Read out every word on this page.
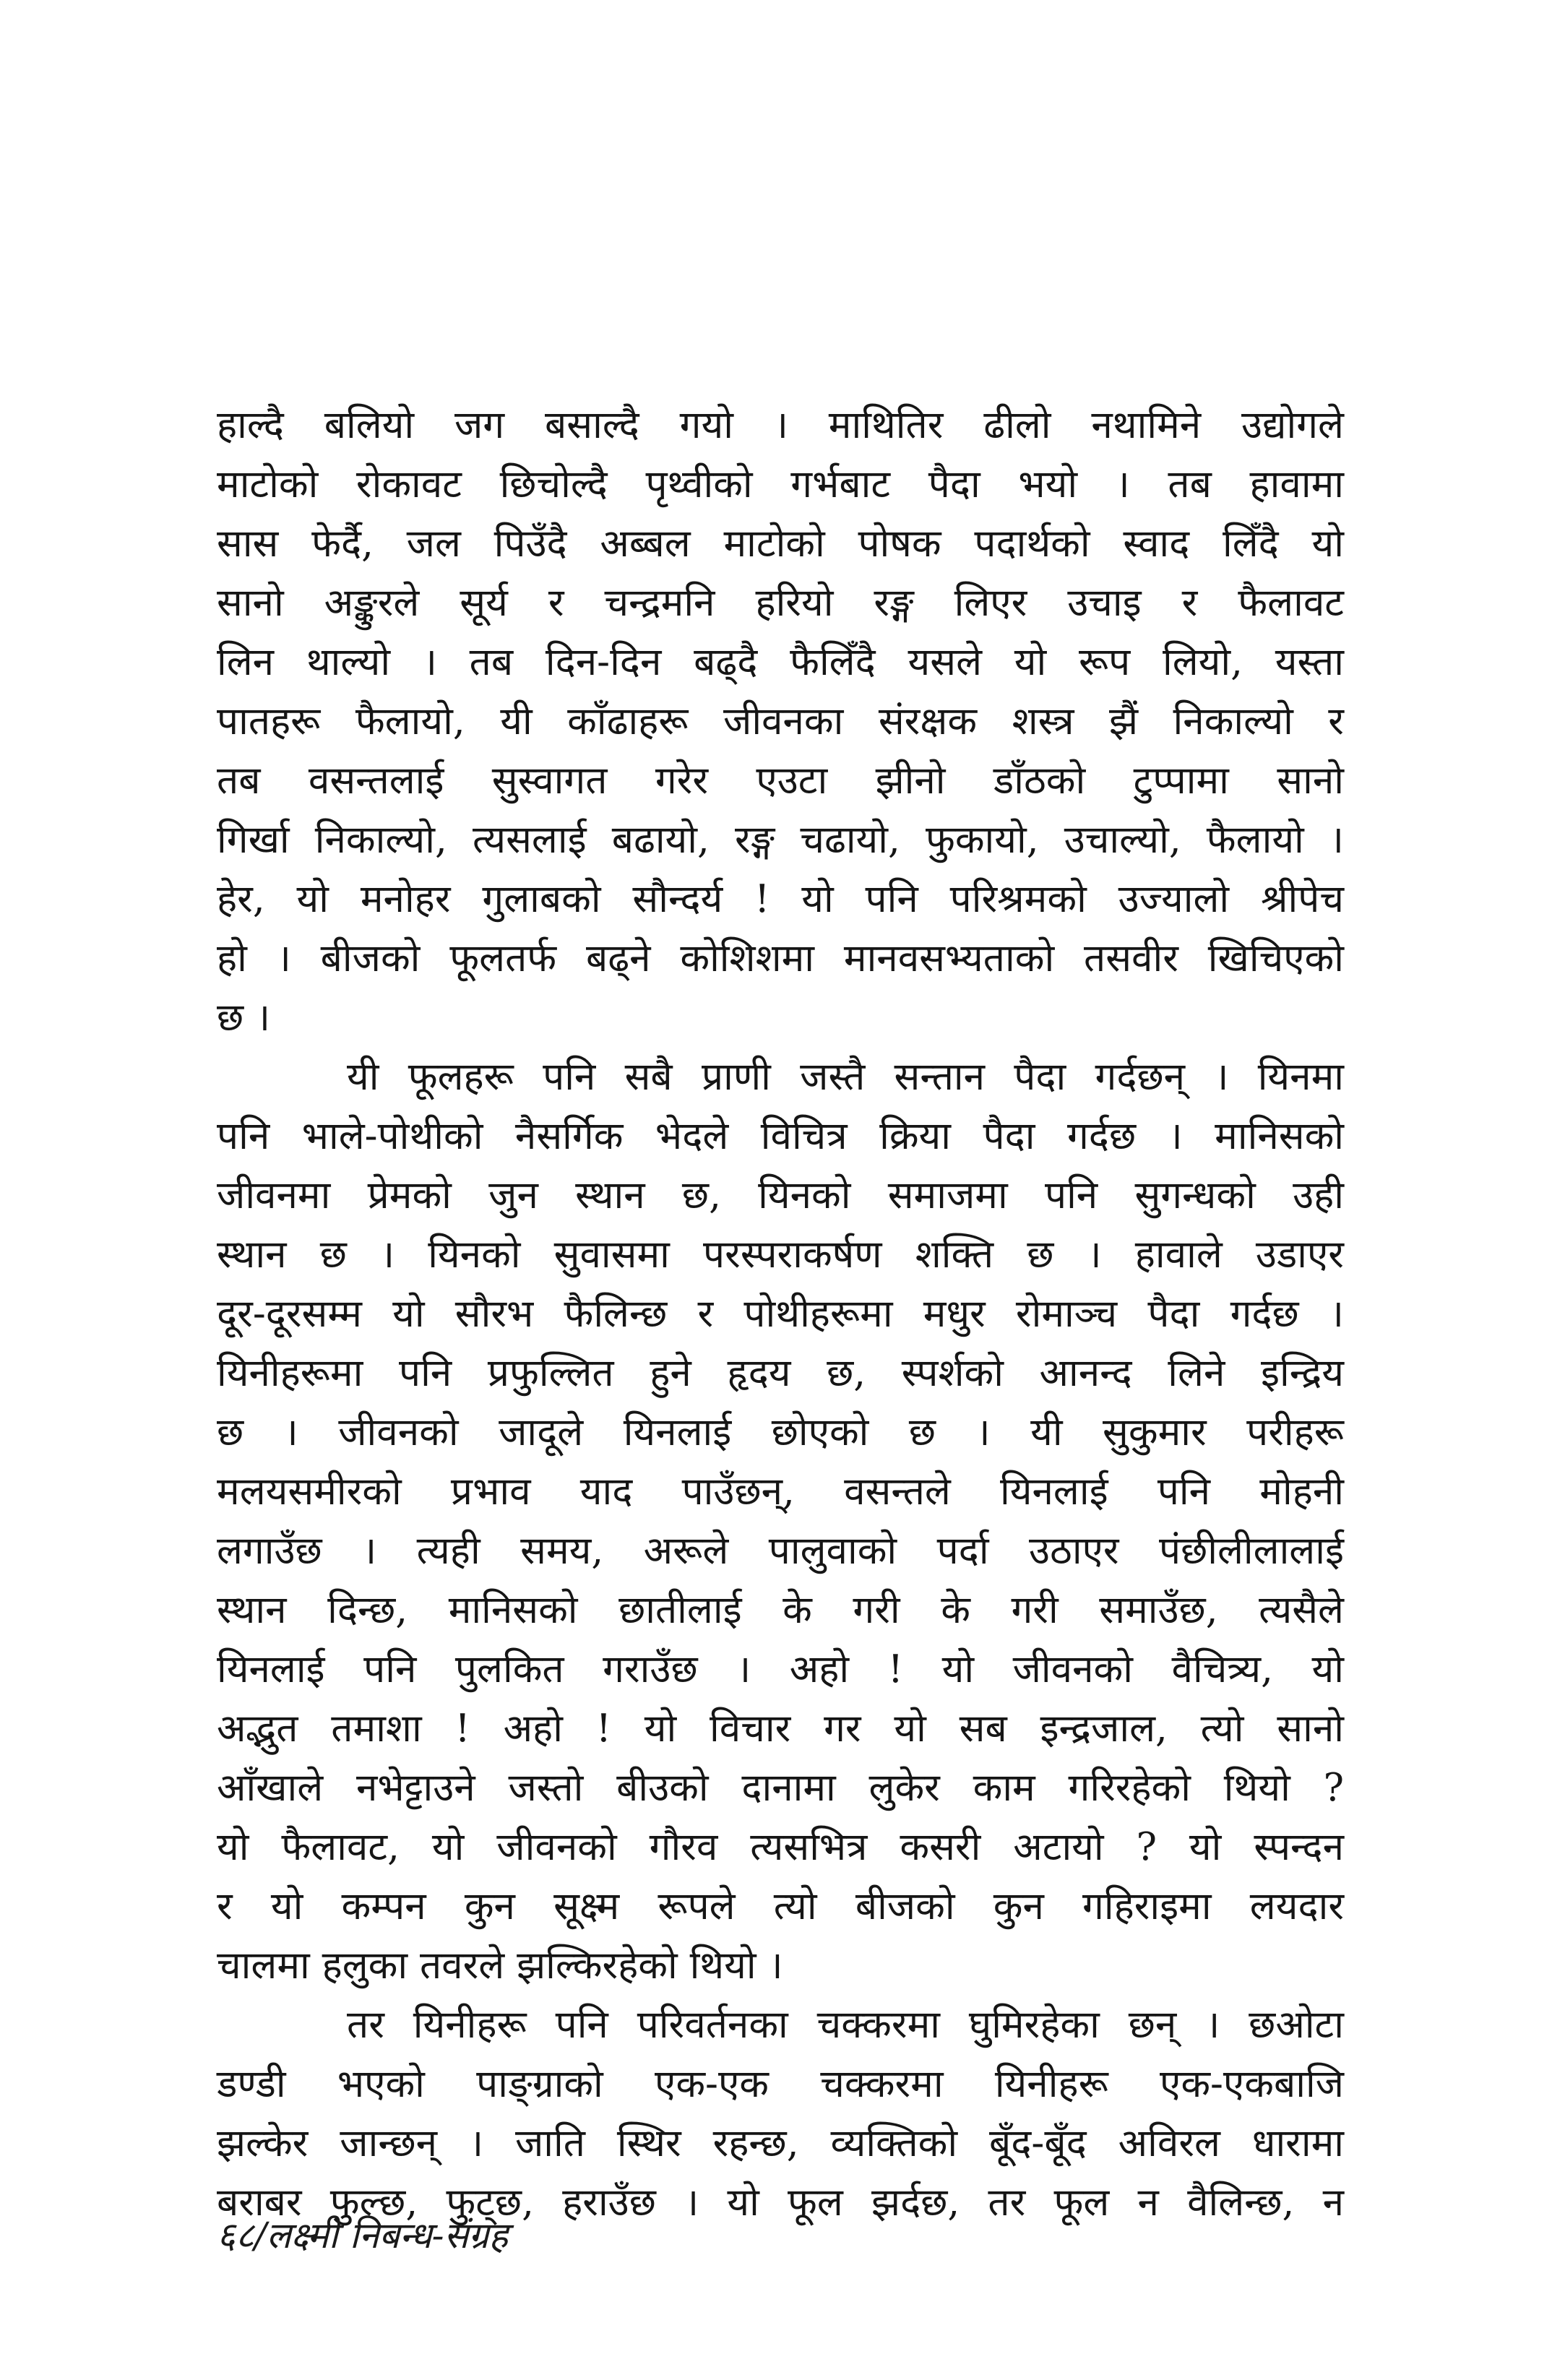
हाल्दै बलियो जग बसाल्दै गयो । माथितिर ढीलो नथामिने उद्योगले
माटोको रोकावट छिचोल्दै पृथ्वीको गर्भबाट पैदा भयो । तब हावामा
सास फेर्दै, जल पिउँदै अब्बल माटोको पोषक पदार्थको स्वाद लिँदै यो
सानो अङ्कुरले सूर्य र चन्द्रमनि हरियो रङ्ग लिएर उचाइ र फैलावट
लिन थाल्यो । तब दिन-दिन बढ्दै फैलिँदै यसले यो रूप लियो, यस्ता
पातहरू फैलायो, यी काँढाहरू जीवनका संरक्षक शस्त्र झैं निकाल्यो र
तब वसन्तलाई सुस्वागत गरेर एउटा झीनो डाँठको टुप्पामा सानो
गिर्खा निकाल्यो, त्यसलाई बढायो, रङ्ग चढायो, फुकायो, उचाल्यो, फैलायो ।
हेर, यो मनोहर गुलाबको सौन्दर्य ! यो पनि परिश्रमको उज्यालो श्रीपेच
हो । बीजको फूलतर्फ बढ्ने कोशिशमा मानवसभ्यताको तसवीर खिचिएको
छ ।
यी फूलहरू पनि सबै प्राणी जस्तै सन्तान पैदा गर्दछन् । यिनमा
पनि भाले-पोथीको नैसर्गिक भेदले विचित्र क्रिया पैदा गर्दछ । मानिसको
जीवनमा प्रेमको जुन स्थान छ, यिनको समाजमा पनि सुगन्धको उही
स्थान छ । यिनको सुवासमा परस्पराकर्षण शक्ति छ । हावाले उडाएर
दूर-दूरसम्म यो सौरभ फैलिन्छ र पोथीहरूमा मधुर रोमाञ्च पैदा गर्दछ ।
यिनीहरूमा पनि प्रफुल्लित हुने हृदय छ, स्पर्शको आनन्द लिने इन्द्रिय
छ । जीवनको जादूले यिनलाई छोएको छ । यी सुकुमार परीहरू
मलयसमीरको प्रभाव याद पाउँछन्, वसन्तले यिनलाई पनि मोहनी
लगाउँछ । त्यही समय, अरूले पालुवाको पर्दा उठाएर पंछीलीलालाई
स्थान दिन्छ, मानिसको छातीलाई के गरी के गरी समाउँछ, त्यसैले
यिनलाई पनि पुलकित गराउँछ । अहो ! यो जीवनको वैचित्र्य, यो
अद्भुत तमाशा ! अहो ! यो विचार गर यो सब इन्द्रजाल, त्यो सानो
आँखाले नभेट्टाउने जस्तो बीउको दानामा लुकेर काम गरिरहेको थियो ?
यो फैलावट, यो जीवनको गौरव त्यसभित्र कसरी अटायो ? यो स्पन्दन
र यो कम्पन कुन सूक्ष्म रूपले त्यो बीजको कुन गहिराइमा लयदार
चालमा हलुका तवरले झल्किरहेको थियो ।
तर यिनीहरू पनि परिवर्तनका चक्करमा घुमिरहेका छन् । छओटा
डण्डी भएको पाङ्ग्राको एक-एक चक्करमा यिनीहरू एक-एकबाजि
झल्केर जान्छन् । जाति स्थिर रहन्छ, व्यक्तिको बूँद-बूँद अविरल धारामा
बराबर फुल्छ, फुट्छ, हराउँछ । यो फूल झर्दछ, तर फूल न वैलिन्छ, न
६८/लक्ष्मी निबन्ध-संग्रह
